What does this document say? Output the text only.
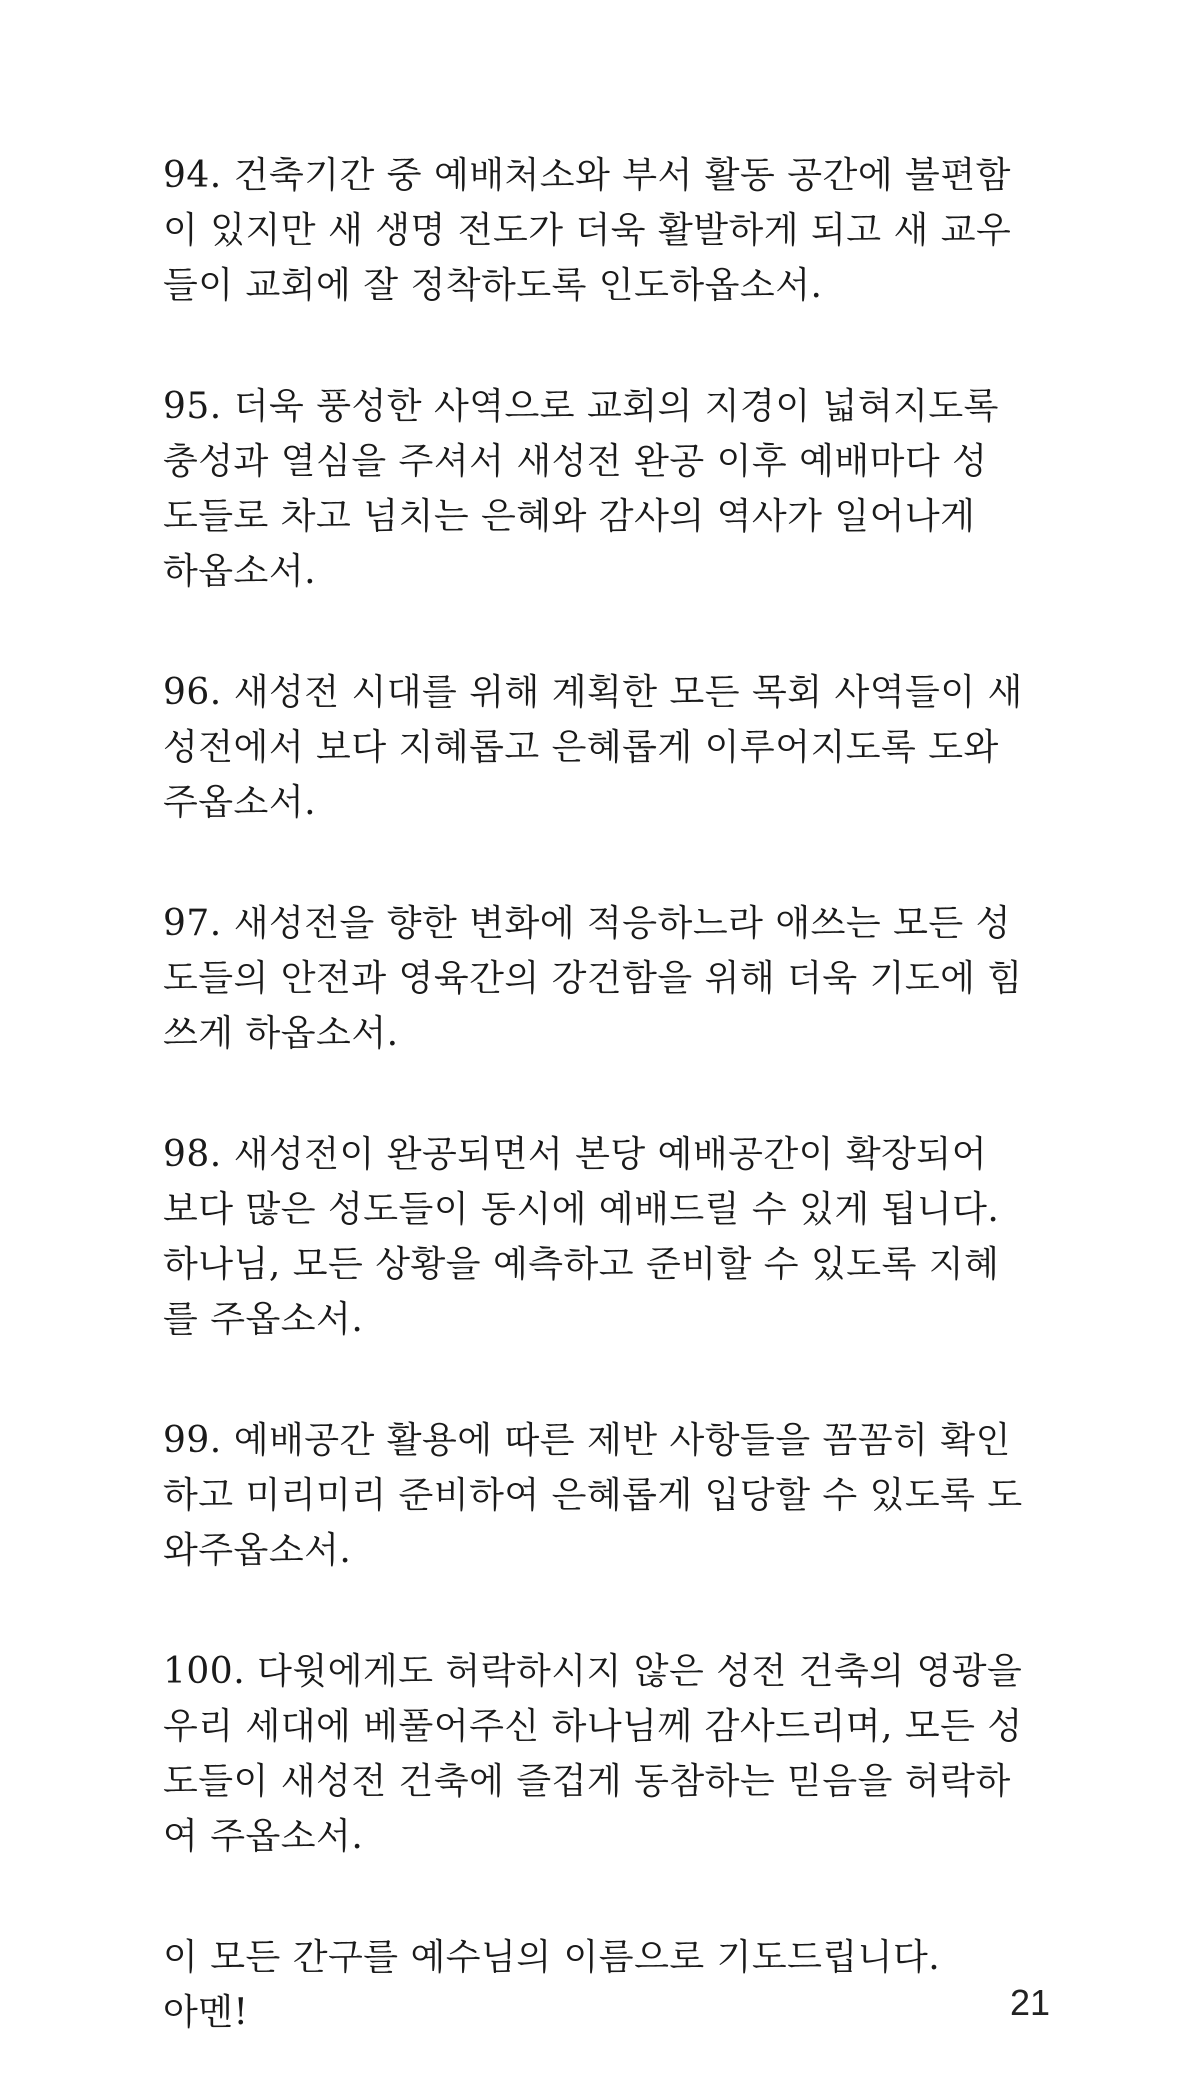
94. 건축기간 중 예배처소와 부서 활동 공간에 불편함
이 있지만 새 생명 전도가 더욱 활발하게 되고 새 교우
들이 교회에 잘 정착하도록 인도하옵소서.

95. 더욱 풍성한 사역으로 교회의 지경이 넓혀지도록
충성과 열심을 주셔서 새성전 완공 이후 예배마다 성
도들로 차고 넘치는 은혜와 감사의 역사가 일어나게
하옵소서.

96. 새성전 시대를 위해 계획한 모든 목회 사역들이 새
성전에서 보다 지혜롭고 은혜롭게 이루어지도록 도와
주옵소서.

97. 새성전을 향한 변화에 적응하느라 애쓰는 모든 성
도들의 안전과 영육간의 강건함을 위해 더욱 기도에 힘
쓰게 하옵소서.

98. 새성전이 완공되면서 본당 예배공간이 확장되어
보다 많은 성도들이 동시에 예배드릴 수 있게 됩니다.
하나님, 모든 상황을 예측하고 준비할 수 있도록 지혜
를 주옵소서.

99. 예배공간 활용에 따른 제반 사항들을 꼼꼼히 확인
하고 미리미리 준비하여 은혜롭게 입당할 수 있도록 도
와주옵소서.

100. 다윗에게도 허락하시지 않은 성전 건축의 영광을
우리 세대에 베풀어주신 하나님께 감사드리며, 모든 성
도들이 새성전 건축에 즐겁게 동참하는 믿음을 허락하
여 주옵소서.

이 모든 간구를 예수님의 이름으로 기도드립니다.
아멘!	21
